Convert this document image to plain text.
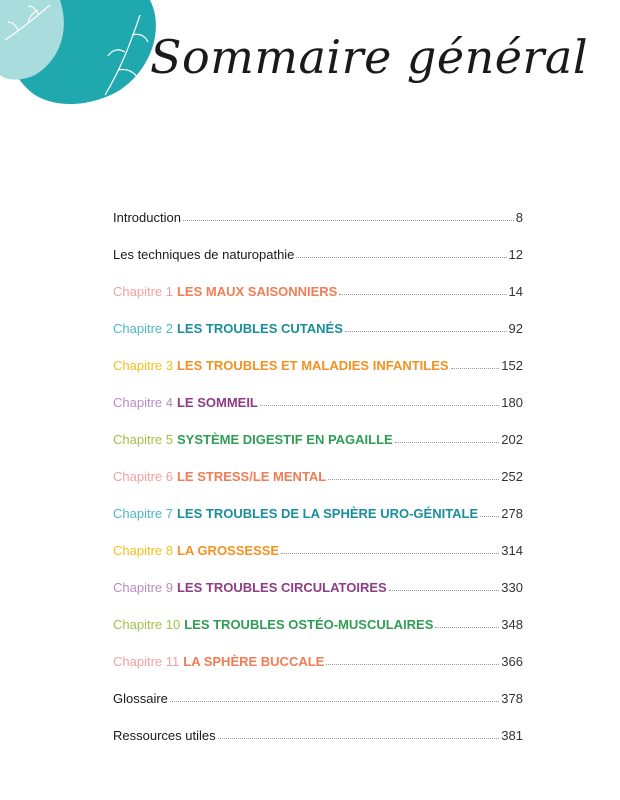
Sommaire général
Introduction	8
Les techniques de naturopathie	12
Chapitre 1 LES MAUX SAISONNIERS	14
Chapitre 2 LES TROUBLES CUTANÉS	92
Chapitre 3 LES TROUBLES ET MALADIES INFANTILES	152
Chapitre 4 LE SOMMEIL	180
Chapitre 5 SYSTÈME DIGESTIF EN PAGAILLE	202
Chapitre 6 LE STRESS/LE MENTAL	252
Chapitre 7 LES TROUBLES DE LA SPHÈRE URO-GÉNITALE 278
Chapitre 8 LA GROSSESSE	314
Chapitre 9 LES TROUBLES CIRCULATOIRES	330
Chapitre 10 LES TROUBLES OSTÉO-MUSCULAIRES	348
Chapitre 11 LA SPHÈRE BUCCALE	366
Glossaire	378
Ressources utiles	381
